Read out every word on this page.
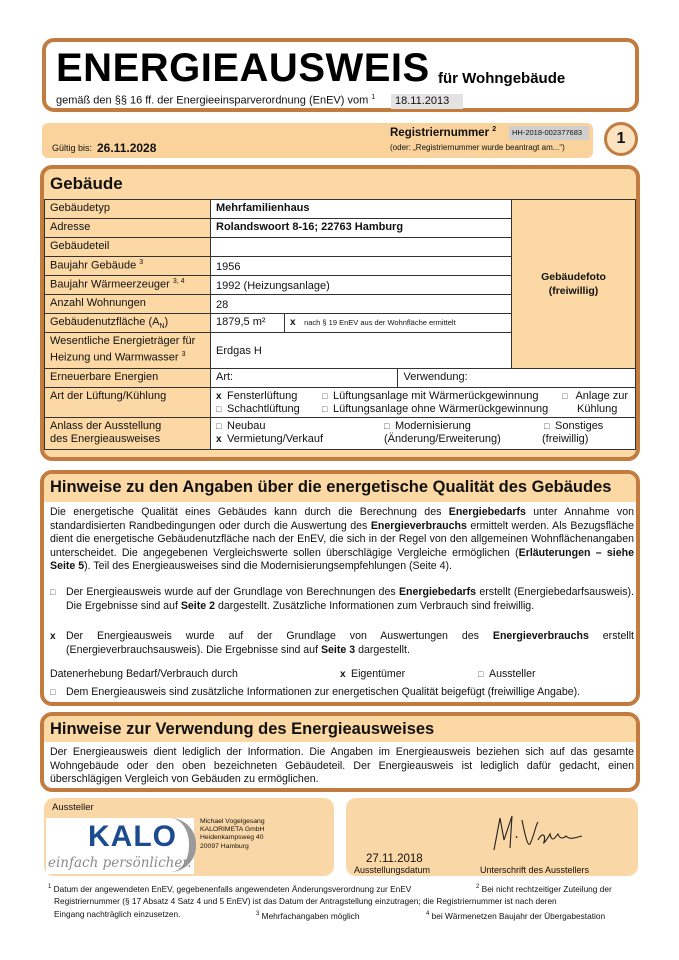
ENERGIEAUSWEIS für Wohngebäude
gemäß den §§ 16 ff. der Energieeinsparverordnung (EnEV) vom $^1$	18.11.2013
Gültig bis: 26.11.2028
Registriernummer $^2$	HH-2018-002377683
(oder: „Registriernummer wurde beantragt am...“)
1
Gebäude
Gebäudetyp	Mehrfamilienhaus	
Gebäudefoto
(freiwillig)

Adresse	Rolandswoort 8-16; 22763 Hamburg
Gebäudeteil	
Baujahr Gebäude $^3$	1956
Baujahr Wärmeerzeuger $^{3, 4}$	1992 (Heizungsanlage)
Anzahl Wohnungen	28
Gebäudenutzfläche $(A_N)$	1879,5 m²	x nach § 19 EnEV aus der Wohnfläche ermittelt

Wesentliche Energieträger für
Heizung und Warmwasser $^3$	Erdgas H
Erneuerbare Energien	Art:	Verwendung:
Art der Lüftung/Kühlung		x Fensterlüftung	□ Lüftungsanlage mit Wärmerückgewinnung	□ Anlage zur
□ Schachtlüftung	□ Lüftungsanlage ohne Wärmerückgewinnung	Kühlung

Anlass der Ausstellung
des Energieausweises

□ Neubau	□ Modernisierung	□ Sonstiges
x Vermietung/Verkauf	(Änderung/Erweiterung)	(freiwillig)
Hinweise zu den Angaben über die energetische Qualität des Gebäudes
Die energetische Qualität eines Gebäudes kann durch die Berechnung des Energiebedarfs unter Annahme von standardisierten Randbedingungen oder durch die Auswertung des Energieverbrauchs ermittelt werden. Als Bezugsfläche dient die energetische Gebäudenutzfläche nach der EnEV, die sich in der Regel von den allgemeinen Wohnflächenangaben unterscheidet. Die angegebenen Vergleichswerte sollen überschlägige Vergleiche ermöglichen (Erläuterungen – siehe Seite 5). Teil des Energieausweises sind die Modernisierungsempfehlungen (Seite 4).
□ Der Energieausweis wurde auf der Grundlage von Berechnungen des Energiebedarfs erstellt (Energiebedarfsausweis). Die Ergebnisse sind auf Seite 2 dargestellt. Zusätzliche Informationen zum Verbrauch sind freiwillig.
x Der Energieausweis wurde auf der Grundlage von Auswertungen des Energieverbrauchs erstellt (Energieverbrauchsausweis). Die Ergebnisse sind auf Seite 3 dargestellt.
Datenerhebung Bedarf/Verbrauch durch	x Eigentümer	□ Aussteller
□ Dem Energieausweis sind zusätzliche Informationen zur energetischen Qualität beigefügt (freiwillige Angabe).
Hinweise zur Verwendung des Energieausweises
Der Energieausweis dient lediglich der Information. Die Angaben im Energieausweis beziehen sich auf das gesamte Wohngebäude oder den oben bezeichneten Gebäudeteil. Der Energieausweis ist lediglich dafür gedacht, einen überschlägigen Vergleich von Gebäuden zu ermöglichen.
Aussteller
KALO
einfach persönlicher.
Michael Vogelgesang
KALORIMETA GmbH
Heidenkampsweg 40
20097 Hamburg
27.11.2018
Ausstellungsdatum	Unterschrift des Ausstellers
$^1$ Datum der angewendeten EnEV, gegebenenfalls angewendeten Änderungsverordnung zur EnEV	$^2$ Bei nicht rechtzeitiger Zuteilung der
Registriernummer (§ 17 Absatz 4 Satz 4 und 5 EnEV) ist das Datum der Antragstellung einzutragen; die Registriernummer ist nach deren
Eingang nachträglich einzusetzen.	$^3$ Mehrfachangaben möglich	$^4$ bei Wärmenetzen Baujahr der Übergabestation
